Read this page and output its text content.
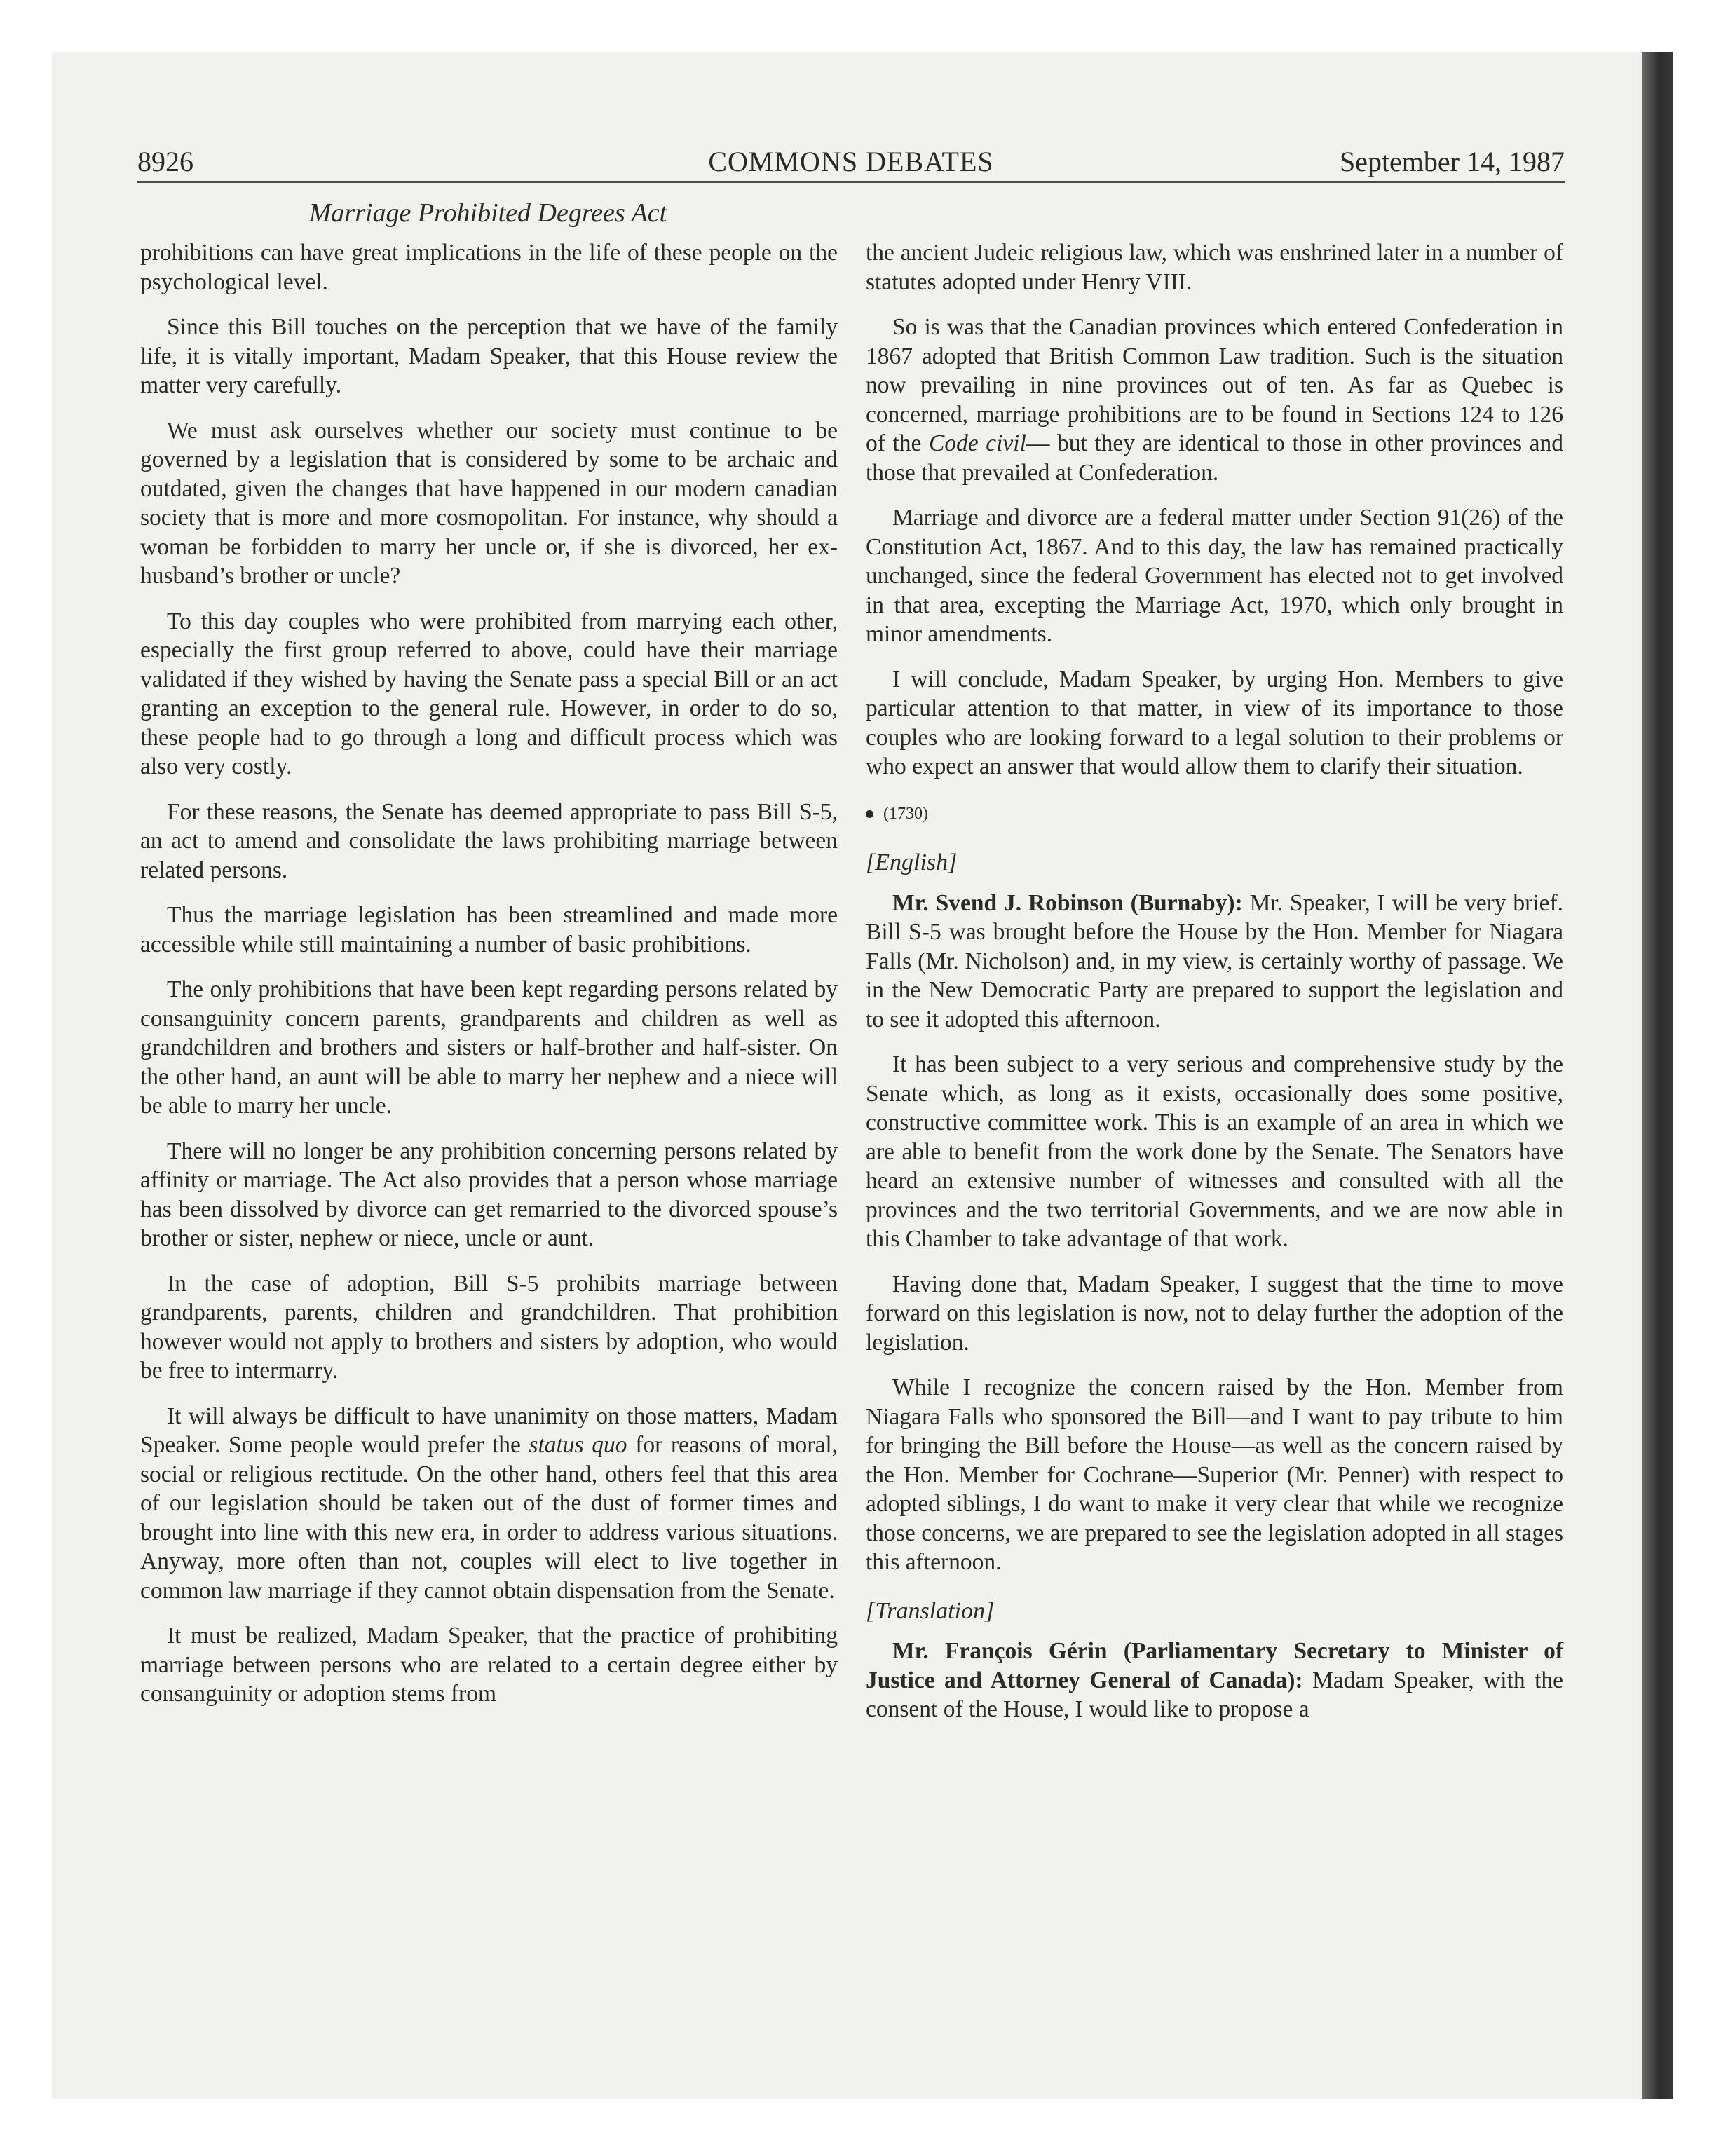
8926	COMMONS DEBATES	September 14, 1987
Marriage Prohibited Degrees Act

prohibitions can have great implications in the life of these people on the psychological level.

Since this Bill touches on the perception that we have of the family life, it is vitally important, Madam Speaker, that this House review the matter very carefully.

We must ask ourselves whether our society must continue to be governed by a legislation that is considered by some to be archaic and outdated, given the changes that have happened in our modern canadian society that is more and more cosmopolitan. For instance, why should a woman be forbidden to marry her uncle or, if she is divorced, her ex-husband’s brother or uncle?

To this day couples who were prohibited from marrying each other, especially the first group referred to above, could have their marriage validated if they wished by having the Senate pass a special Bill or an act granting an exception to the general rule. However, in order to do so, these people had to go through a long and difficult process which was also very costly.

For these reasons, the Senate has deemed appropriate to pass Bill S-5, an act to amend and consolidate the laws prohibiting marriage between related persons.

Thus the marriage legislation has been streamlined and made more accessible while still maintaining a number of basic prohibitions.

The only prohibitions that have been kept regarding persons related by consanguinity concern parents, grandparents and children as well as grandchildren and brothers and sisters or half-brother and half-sister. On the other hand, an aunt will be able to marry her nephew and a niece will be able to marry her uncle.

There will no longer be any prohibition concerning persons related by affinity or marriage. The Act also provides that a person whose marriage has been dissolved by divorce can get remarried to the divorced spouse’s brother or sister, nephew or niece, uncle or aunt.

In the case of adoption, Bill S-5 prohibits marriage between grandparents, parents, children and grandchildren. That prohibition however would not apply to brothers and sisters by adoption, who would be free to intermarry.

It will always be difficult to have unanimity on those matters, Madam Speaker. Some people would prefer the status quo for reasons of moral, social or religious rectitude. On the other hand, others feel that this area of our legislation should be taken out of the dust of former times and brought into line with this new era, in order to address various situations. Anyway, more often than not, couples will elect to live together in common law marriage if they cannot obtain dispensation from the Senate.

It must be realized, Madam Speaker, that the practice of prohibiting marriage between persons who are related to a certain degree either by consanguinity or adoption stems from

the ancient Judeic religious law, which was enshrined later in a number of statutes adopted under Henry VIII.

So is was that the Canadian provinces which entered Confederation in 1867 adopted that British Common Law tradition. Such is the situation now prevailing in nine provinces out of ten. As far as Quebec is concerned, marriage prohibitions are to be found in Sections 124 to 126 of the Code civil— but they are identical to those in other provinces and those that prevailed at Confederation.

Marriage and divorce are a federal matter under Section 91(26) of the Constitution Act, 1867. And to this day, the law has remained practically unchanged, since the federal Government has elected not to get involved in that area, excepting the Marriage Act, 1970, which only brought in minor amendments.

I will conclude, Madam Speaker, by urging Hon. Members to give particular attention to that matter, in view of its importance to those couples who are looking forward to a legal solution to their problems or who expect an answer that would allow them to clarify their situation.

(1730)
[English]

Mr. Svend J. Robinson (Burnaby): Mr. Speaker, I will be very brief. Bill S-5 was brought before the House by the Hon. Member for Niagara Falls (Mr. Nicholson) and, in my view, is certainly worthy of passage. We in the New Democratic Party are prepared to support the legislation and to see it adopted this afternoon.

It has been subject to a very serious and comprehensive study by the Senate which, as long as it exists, occasionally does some positive, constructive committee work. This is an example of an area in which we are able to benefit from the work done by the Senate. The Senators have heard an extensive number of witnesses and consulted with all the provinces and the two territorial Governments, and we are now able in this Chamber to take advantage of that work.

Having done that, Madam Speaker, I suggest that the time to move forward on this legislation is now, not to delay further the adoption of the legislation.

While I recognize the concern raised by the Hon. Member from Niagara Falls who sponsored the Bill—and I want to pay tribute to him for bringing the Bill before the House—as well as the concern raised by the Hon. Member for Cochrane—Superior (Mr. Penner) with respect to adopted siblings, I do want to make it very clear that while we recognize those concerns, we are prepared to see the legislation adopted in all stages this afternoon.

[Translation]

Mr. François Gérin (Parliamentary Secretary to Minister of Justice and Attorney General of Canada): Madam Speaker, with the consent of the House, I would like to propose a
